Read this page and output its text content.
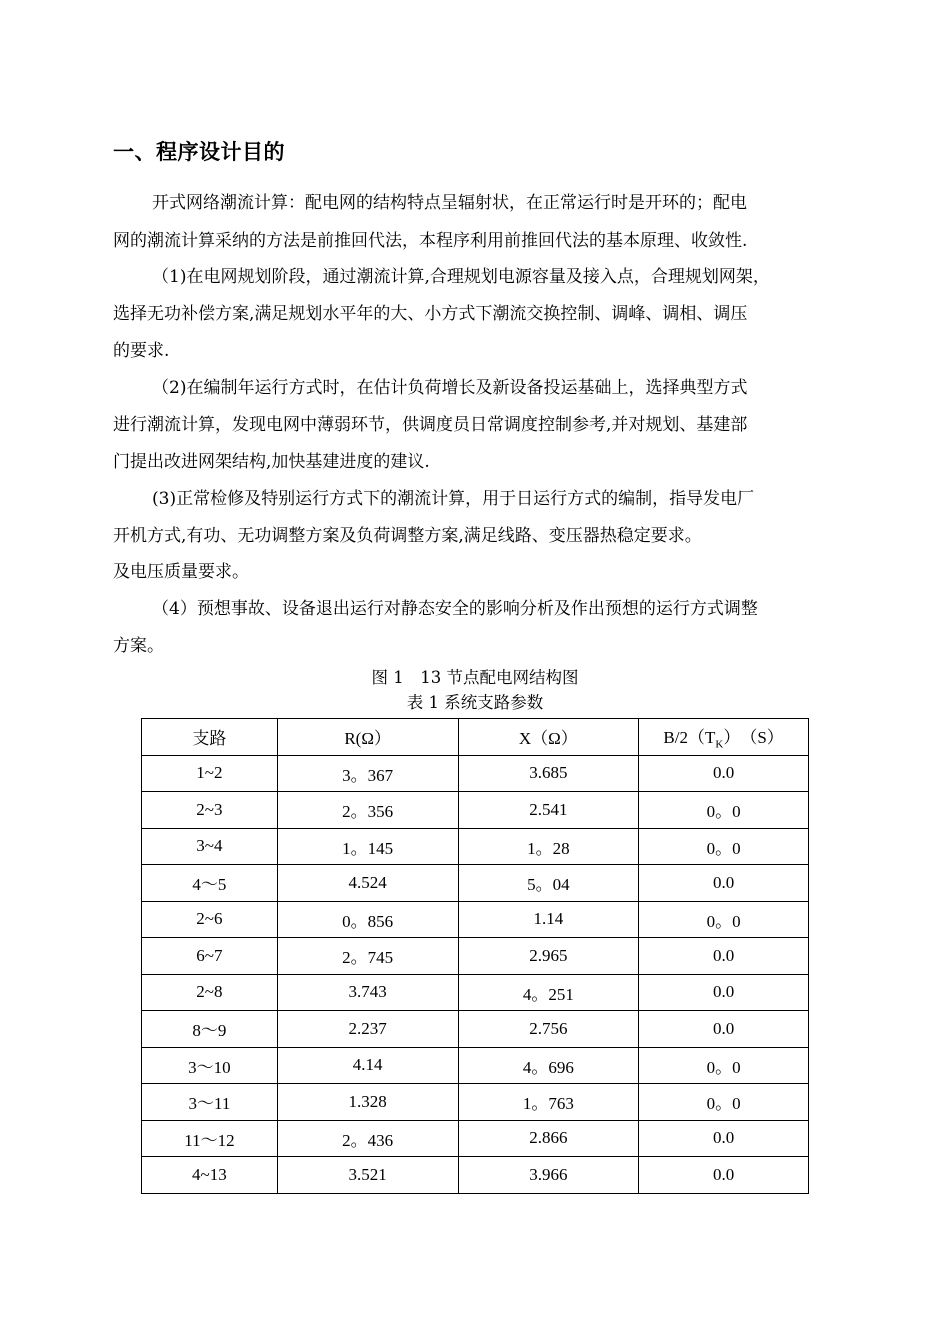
一、程序设计目的
开式网络潮流计算：配电网的结构特点呈辐射状，在正常运行时是开环的；配电
网的潮流计算采纳的方法是前推回代法，本程序利用前推回代法的基本原理、收敛性.
（1)在电网规划阶段，通过潮流计算,合理规划电源容量及接入点，合理规划网架，
选择无功补偿方案,满足规划水平年的大、小方式下潮流交换控制、调峰、调相、调压
的要求.
（2)在编制年运行方式时，在估计负荷增长及新设备投运基础上，选择典型方式
进行潮流计算，发现电网中薄弱环节，供调度员日常调度控制参考,并对规划、基建部
门提出改进网架结构,加快基建进度的建议.
(3)正常检修及特别运行方式下的潮流计算，用于日运行方式的编制，指导发电厂
开机方式,有功、无功调整方案及负荷调整方案,满足线路、变压器热稳定要求。
及电压质量要求。
（4）预想事故、设备退出运行对静态安全的影响分析及作出预想的运行方式调整
方案。
图 1　13 节点配电网结构图
表 1 系统支路参数
支路	R(Ω）	X（Ω）	$B/2(T_K)$　（S）
1~2	3。367	3.685	0.0
2~3	2。356	2.541	0。0
3~4	1。145	1。28	0。0
4～5	4.524	5。04	0.0
2~6	0。856	1.14	0。0
6~7	2。745	2.965	0.0
2~8	3.743	4。251	0.0
8～9	2.237	2.756	0.0
3～10	4.14	4。696	0。0
3～11	1.328	1。763	0。0
11～12	2。436	2.866	0.0
4~13	3.521	3.966	0.0
